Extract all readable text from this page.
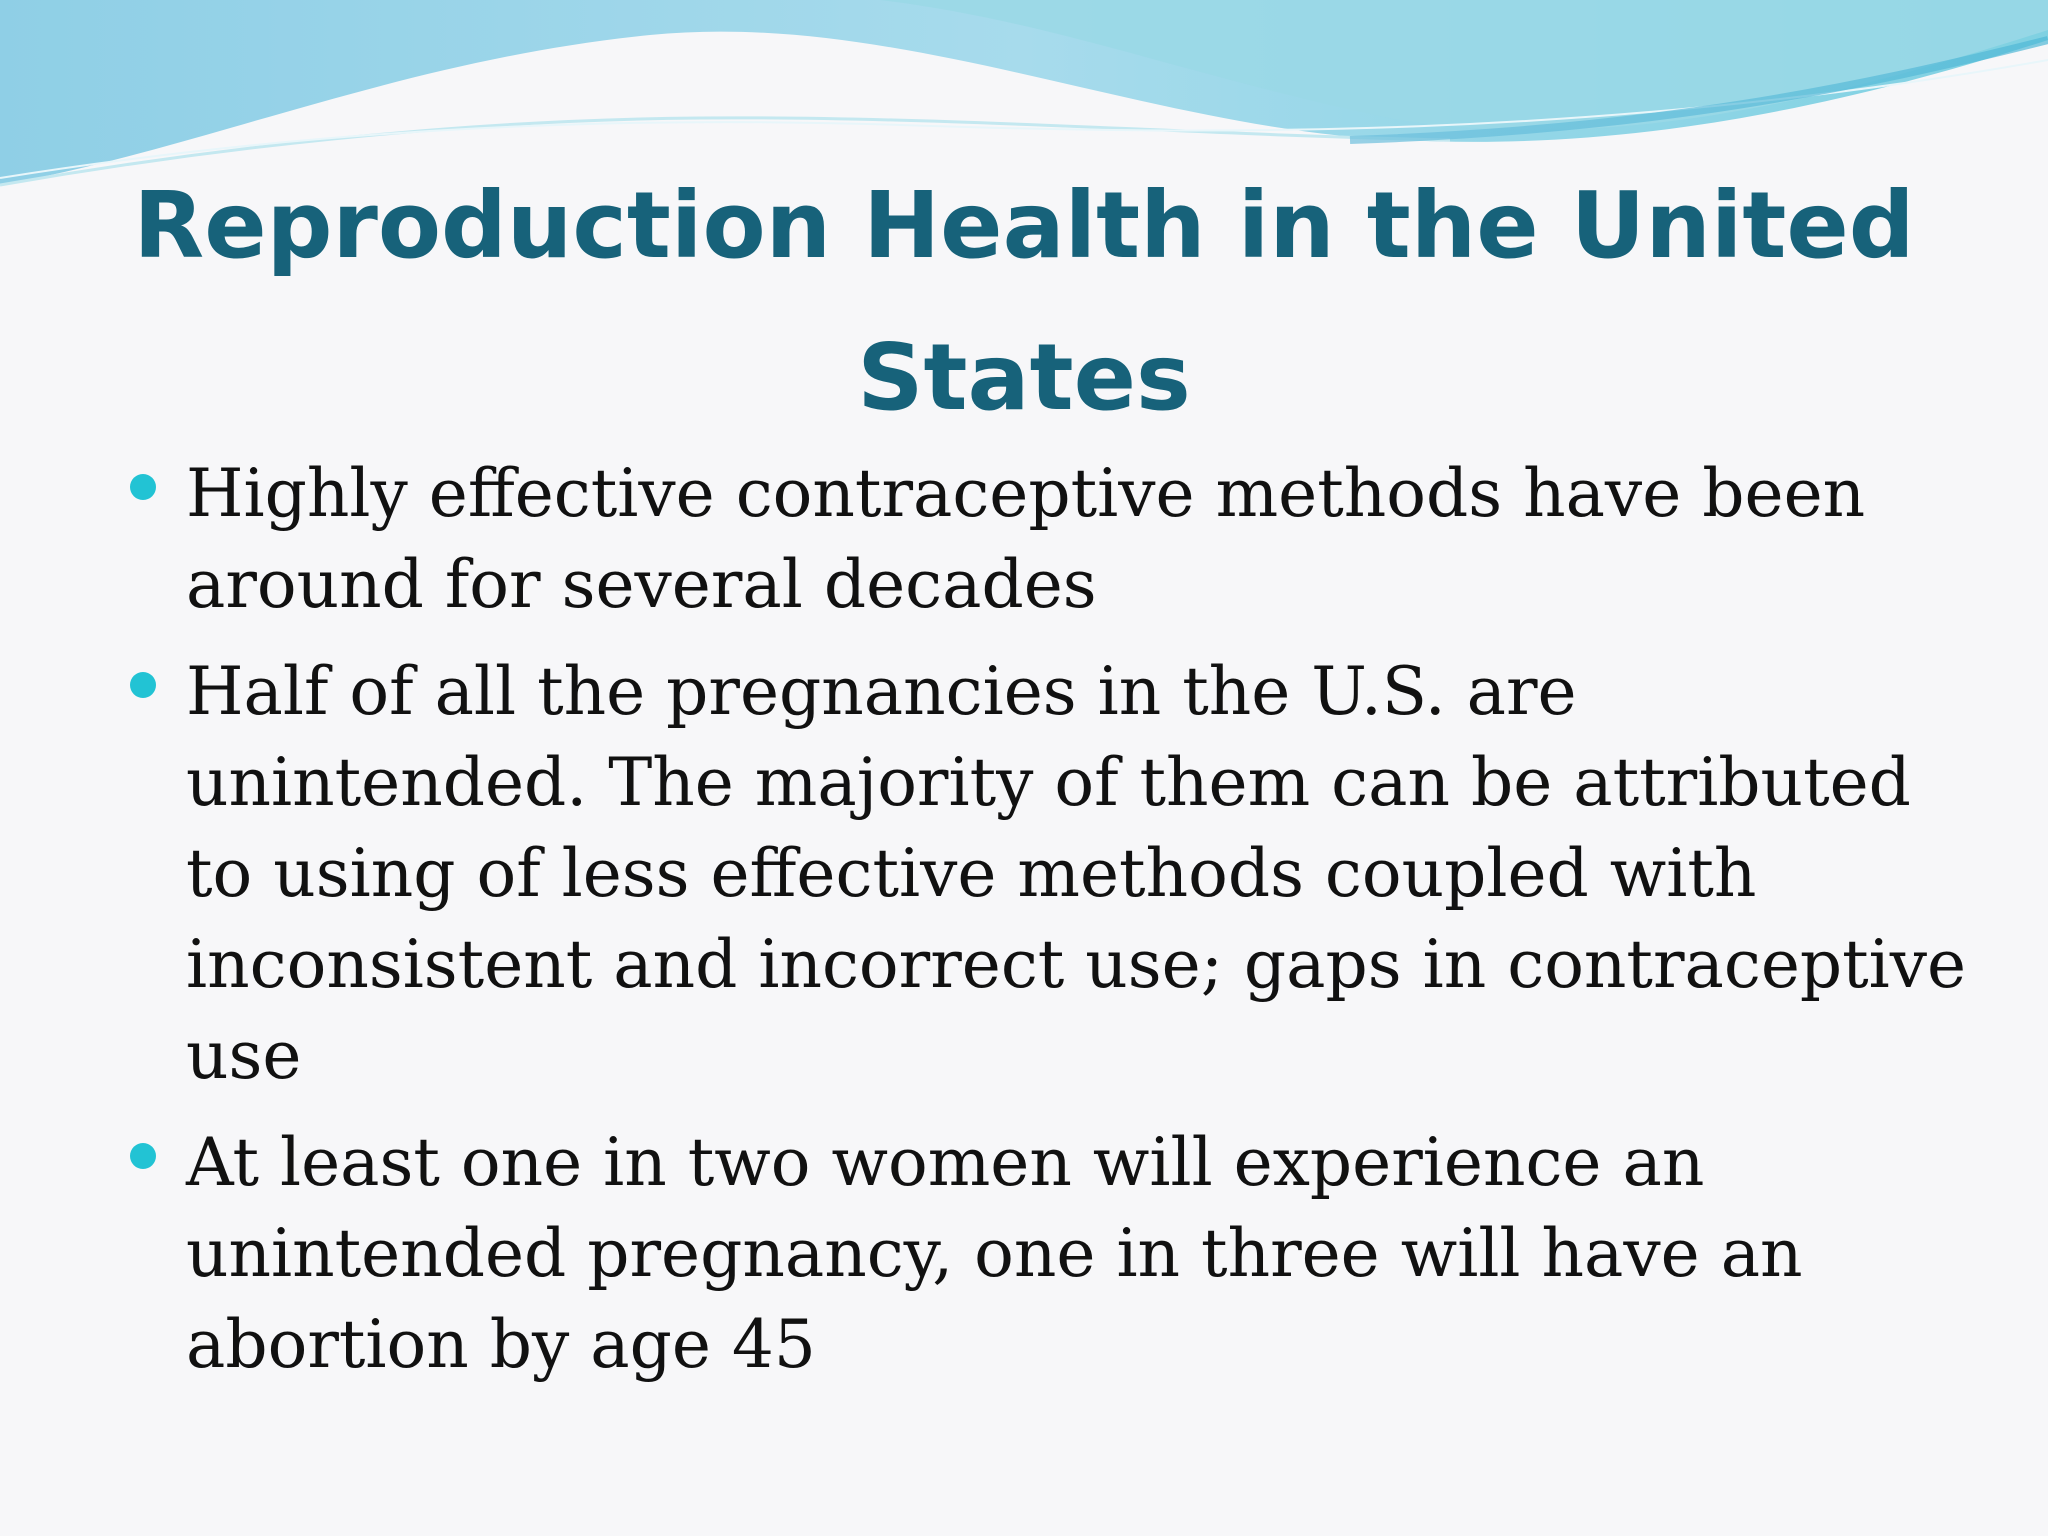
Reproduction Health in the United States
Highly effective contraceptive methods have been around for several decades
Half of all the pregnancies in the U.S. are unintended. The majority of them can be attributed to using of less effective methods coupled with inconsistent and incorrect use; gaps in contraceptive use
At least one in two women will experience an unintended pregnancy, one in three will have an abortion by age 45
